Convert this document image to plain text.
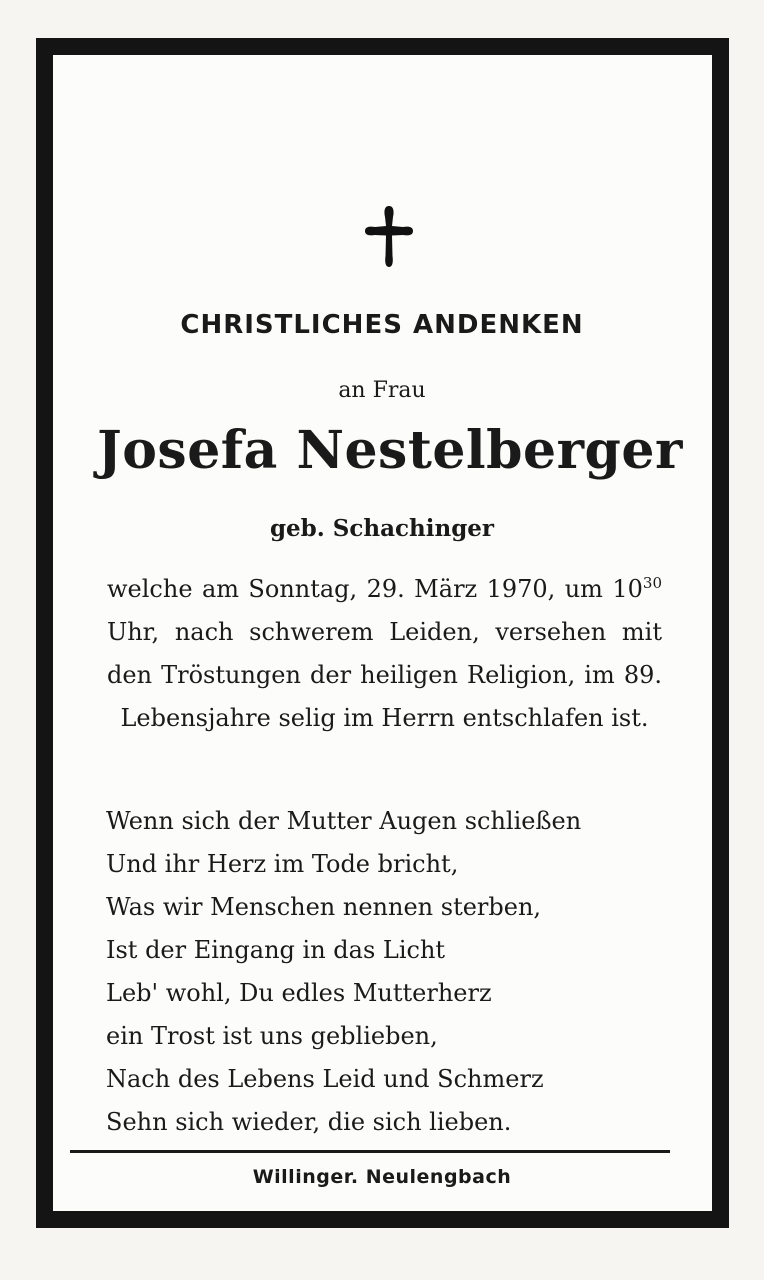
CHRISTLICHES ANDENKEN
an Frau
Josefa Nestelberger
geb. Schachinger
welche am Sonntag, 29. März 1970, um $10^{30}$ Uhr, nach schwerem Leiden, versehen mit den Tröstungen der heiligen Religion, im 89. Lebensjahre selig im Herrn entschlafen ist.
Wenn sich der Mutter Augen schließen
Und ihr Herz im Tode bricht,
Was wir Menschen nennen sterben,
Ist der Eingang in das Licht
Leb' wohl, Du edles Mutterherz
ein Trost ist uns geblieben,
Nach des Lebens Leid und Schmerz
Sehn sich wieder, die sich lieben.
Willinger. Neulengbach
